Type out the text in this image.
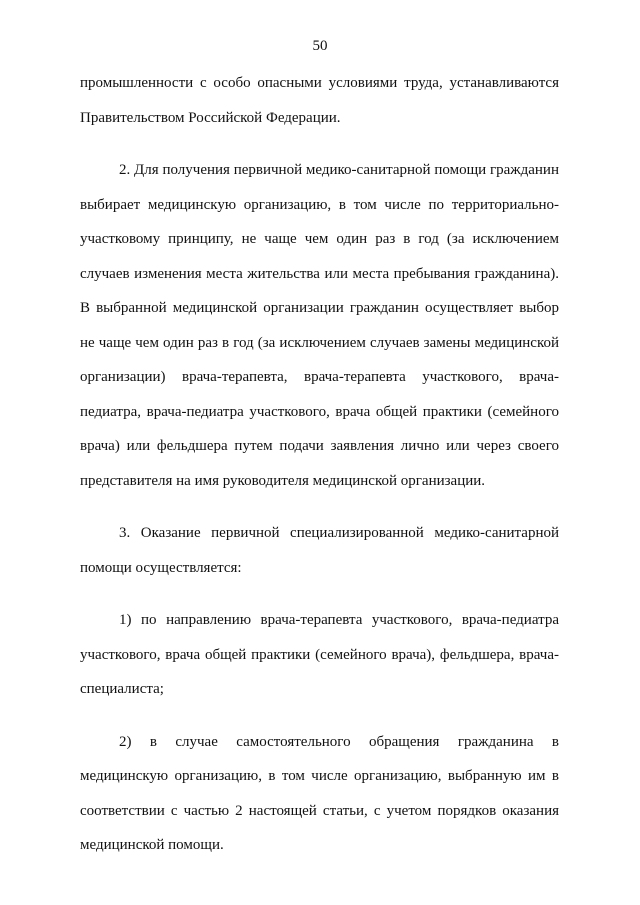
50

промышленности с особо опасными условиями труда, устанавливаются Правительством Российской Федерации.

2. Для получения первичной медико-санитарной помощи гражданин выбирает медицинскую организацию, в том числе по территориально-участковому принципу, не чаще чем один раз в год (за исключением случаев изменения места жительства или места пребывания гражданина). В выбранной медицинской организации гражданин осуществляет выбор не чаще чем один раз в год (за исключением случаев замены медицинской организации) врача-терапевта, врача-терапевта участкового, врача-педиатра, врача-педиатра участкового, врача общей практики (семейного врача) или фельдшера путем подачи заявления лично или через своего представителя на имя руководителя медицинской организации.

3. Оказание первичной специализированной медико-санитарной помощи осуществляется:

1) по направлению врача-терапевта участкового, врача-педиатра участкового, врача общей практики (семейного врача), фельдшера, врача-специалиста;

2) в случае самостоятельного обращения гражданина в медицинскую организацию, в том числе организацию, выбранную им в соответствии с частью 2 настоящей статьи, с учетом порядков оказания медицинской помощи.
